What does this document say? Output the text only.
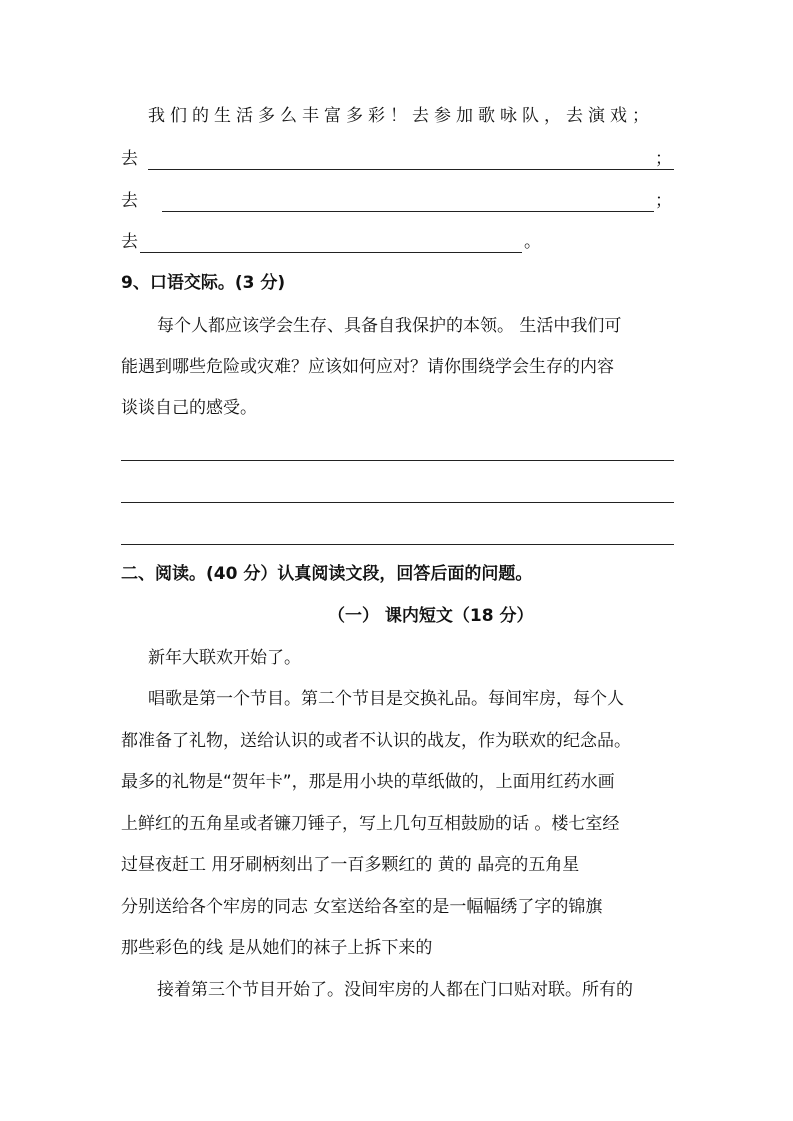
我们的生活多么丰富多彩！去参加歌咏队，去演戏；
去	；
去	；
去	。
9、口语交际。(3 分)
每个人都应该学会生存、具备自我保护的本领。 生活中我们可
能遇到哪些危险或灾难？应该如何应对？请你围绕学会生存的内容
谈谈自己的感受。
二、阅读。(40 分）认真阅读文段，回答后面的问题。
（一） 课内短文（18 分）
新年大联欢开始了。
唱歌是第一个节目。第二个节目是交换礼品。每间牢房，每个人
都准备了礼物，送给认识的或者不认识的战友，作为联欢的纪念品。
最多的礼物是“贺年卡”，那是用小块的草纸做的，上面用红药水画
上鲜红的五角星或者镰刀锤子，写上几句互相鼓励的话 。楼七室经
过昼夜赶工 用牙刷柄刻出了一百多颗红的 黄的 晶亮的五角星
分别送给各个牢房的同志 女室送给各室的是一幅幅绣了字的锦旗
那些彩色的线 是从她们的袜子上拆下来的
接着第三个节目开始了。没间牢房的人都在门口贴对联。所有的
